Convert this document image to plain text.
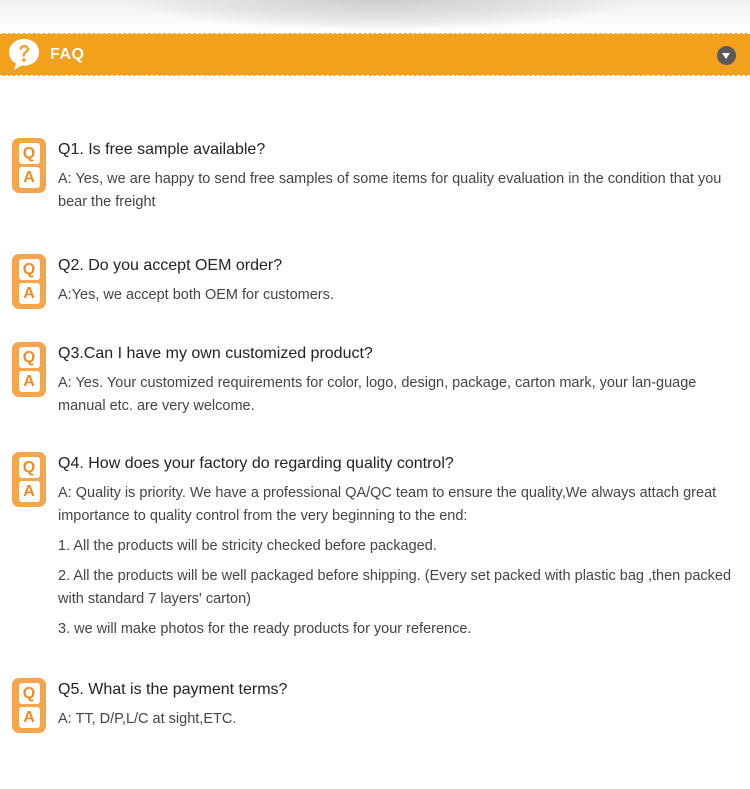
FAQ
Q
A

Q1. Is free sample available?

A: Yes, we are happy to send free samples of some items for quality evaluation in the condition that you bear the freight

Q
A

Q2. Do you accept OEM order?

A:Yes, we accept both OEM for customers.

Q
A

Q3.Can I have my own customized product?

A: Yes. Your customized requirements for color, logo, design, package, carton mark, your lan-guage manual etc. are very welcome.

Q
A

Q4. How does your factory do regarding quality control?

A: Quality is priority. We have a professional QA/QC team to ensure the quality,We always attach great importance to quality control from the very beginning to the end:

1. All the products will be stricity checked before packaged.

2. All the products will be well packaged before shipping. (Every set packed with plastic bag ,then packed with standard 7 layers' carton)

3. we will make photos for the ready products for your reference.

Q
A

Q5. What is the payment terms?

A: TT, D/P,L/C at sight,ETC.
